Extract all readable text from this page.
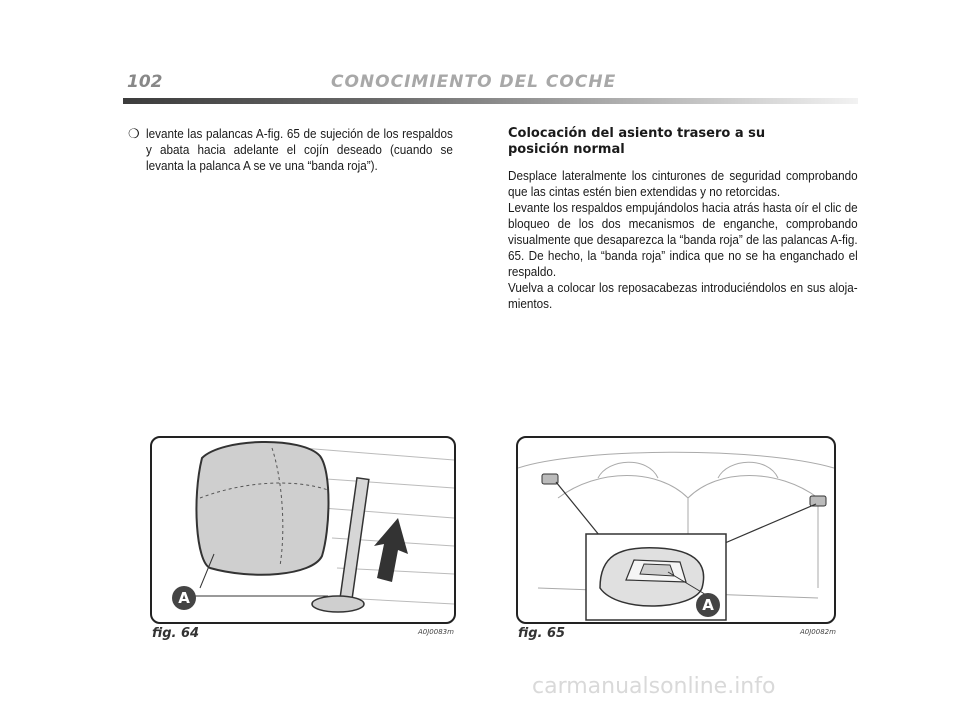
102	CONOCIMIENTO DEL COCHE
❍ levante las palancas A-fig. 65 de sujeción de los respaldos y abata hacia adelante el cojín deseado (cuando se levanta la palanca A se ve una “banda roja”).
Colocación del asiento trasero a su posición normal

Desplace lateralmente los cinturones de seguridad comprobando que las cintas estén bien extendidas y no retorcidas.

Levante los respaldos empujándolos hacia atrás hasta oír el clic de bloqueo de los dos mecanismos de enganche, comprobando visualmente que desaparezca la “banda roja” de las palancas A-fig. 65. De hecho, la “banda roja” indica que no se ha enganchado el respaldo.

Vuelva a colocar los reposacabezas introduciéndolos en sus aloja-mientos.

A
fig. 64	A0J0083m
A
fig. 65	A0J0082m
carmanualsonline.info
